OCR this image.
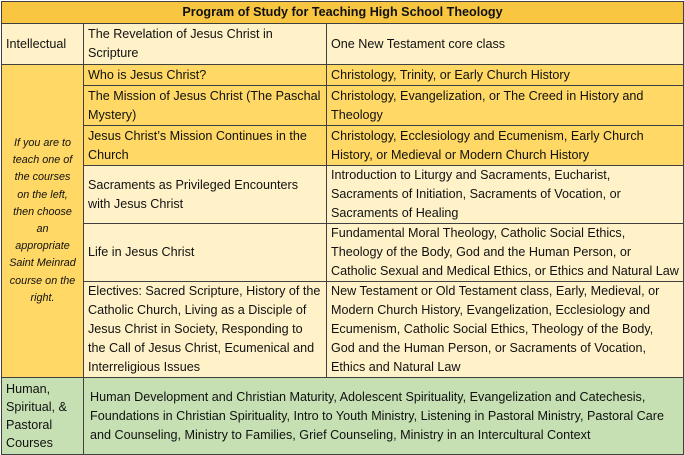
Program of Study for Teaching High School Theology		
Intellectual	The Revelation of Jesus Christ in Scripture	One New Testament core class
If you are to teach one of the courses on the left, then choose an appropriate Saint Meinrad course on the right.	Who is Jesus Christ?	Christology, Trinity, or Early Church History
	The Mission of Jesus Christ (The Paschal Mystery)	Christology, Evangelization, or The Creed in History and Theology
	Jesus Christ’s Mission Continues in the Church	Christology, Ecclesiology and Ecumenism, Early Church History, or Medieval or Modern Church History
	Sacraments as Privileged Encounters with Jesus Christ	Introduction to Liturgy and Sacraments, Eucharist, Sacraments of Initiation, Sacraments of Vocation, or Sacraments of Healing
	Life in Jesus Christ	Fundamental Moral Theology, Catholic Social Ethics, Theology of the Body, God and the Human Person, or Catholic Sexual and Medical Ethics, or Ethics and Natural Law
	Electives: Sacred Scripture, History of the Catholic Church, Living as a Disciple of Jesus Christ in Society, Responding to the Call of Jesus Christ, Ecumenical and Interreligious Issues	New Testament or Old Testament class, Early, Medieval, or Modern Church History, Evangelization, Ecclesiology and Ecumenism, Catholic Social Ethics, Theology of the Body, God and the Human Person, or Sacraments of Vocation, Ethics and Natural Law
Human, Spiritual, & Pastoral Courses	Human Development and Christian Maturity, Adolescent Spirituality, Evangelization and Catechesis, Foundations in Christian Spirituality, Intro to Youth Ministry, Listening in Pastoral Ministry, Pastoral Care and Counseling, Ministry to Families, Grief Counseling, Ministry in an Intercultural Context	
